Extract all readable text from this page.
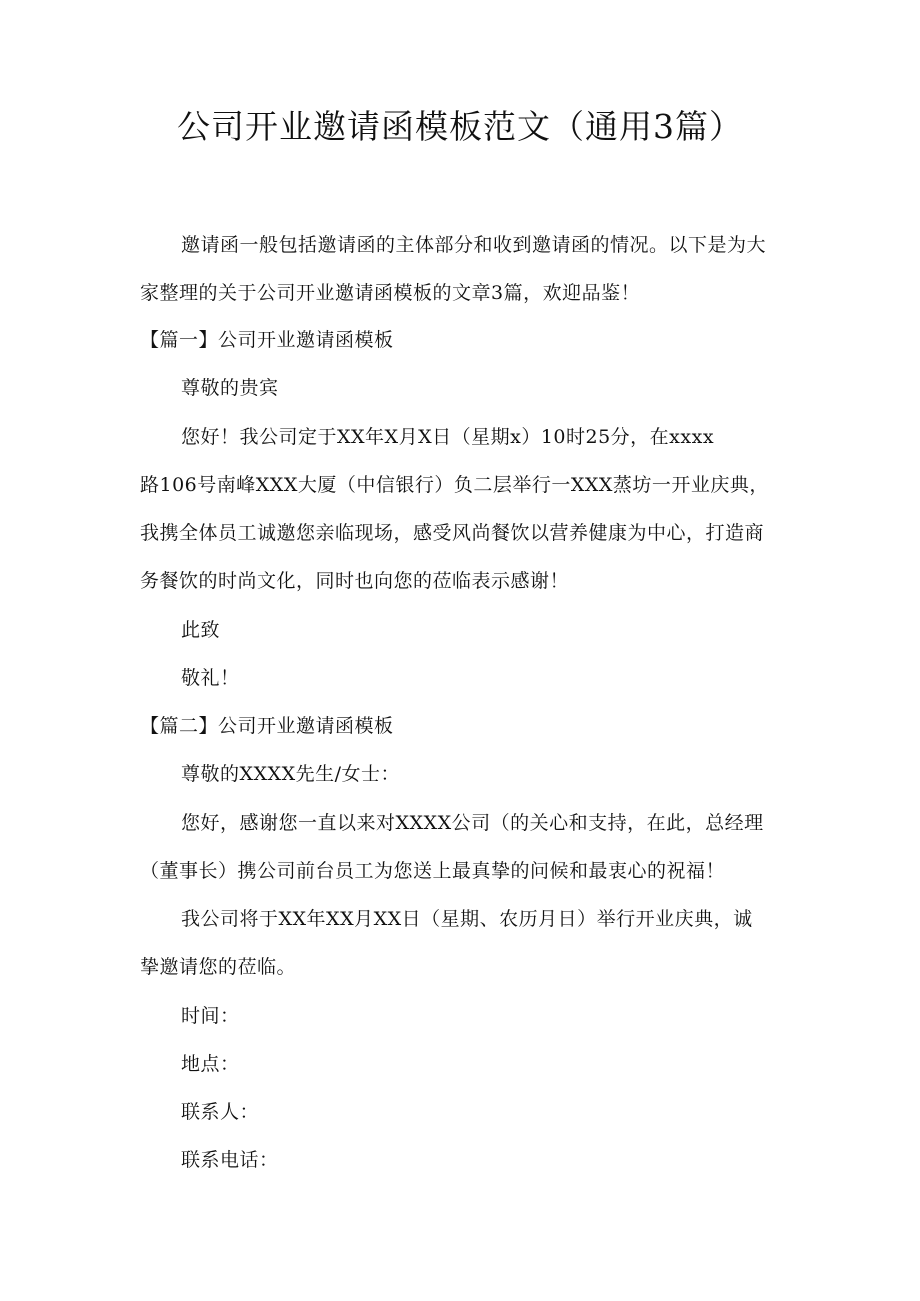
公司开业邀请函模板范文（通用3篇）
邀请函一般包括邀请函的主体部分和收到邀请函的情况。以下是为大
家整理的关于公司开业邀请函模板的文章3篇，欢迎品鉴！
【篇一】公司开业邀请函模板
尊敬的贵宾
您好！我公司定于XX年X月X日（星期x）10时25分，在xxxx
路106号南峰XXX大厦（中信银行）负二层举行一XXX蒸坊一开业庆典，
我携全体员工诚邀您亲临现场，感受风尚餐饮以营养健康为中心，打造商
务餐饮的时尚文化，同时也向您的莅临表示感谢！
此致
敬礼！
【篇二】公司开业邀请函模板
尊敬的XXXX先生/女士：
您好，感谢您一直以来对XXXX公司（的关心和支持，在此，总经理
（董事长）携公司前台员工为您送上最真挚的问候和最衷心的祝福！
我公司将于XX年XX月XX日（星期、农历月日）举行开业庆典，诚
挚邀请您的莅临。
时间：
地点：
联系人：
联系电话：
